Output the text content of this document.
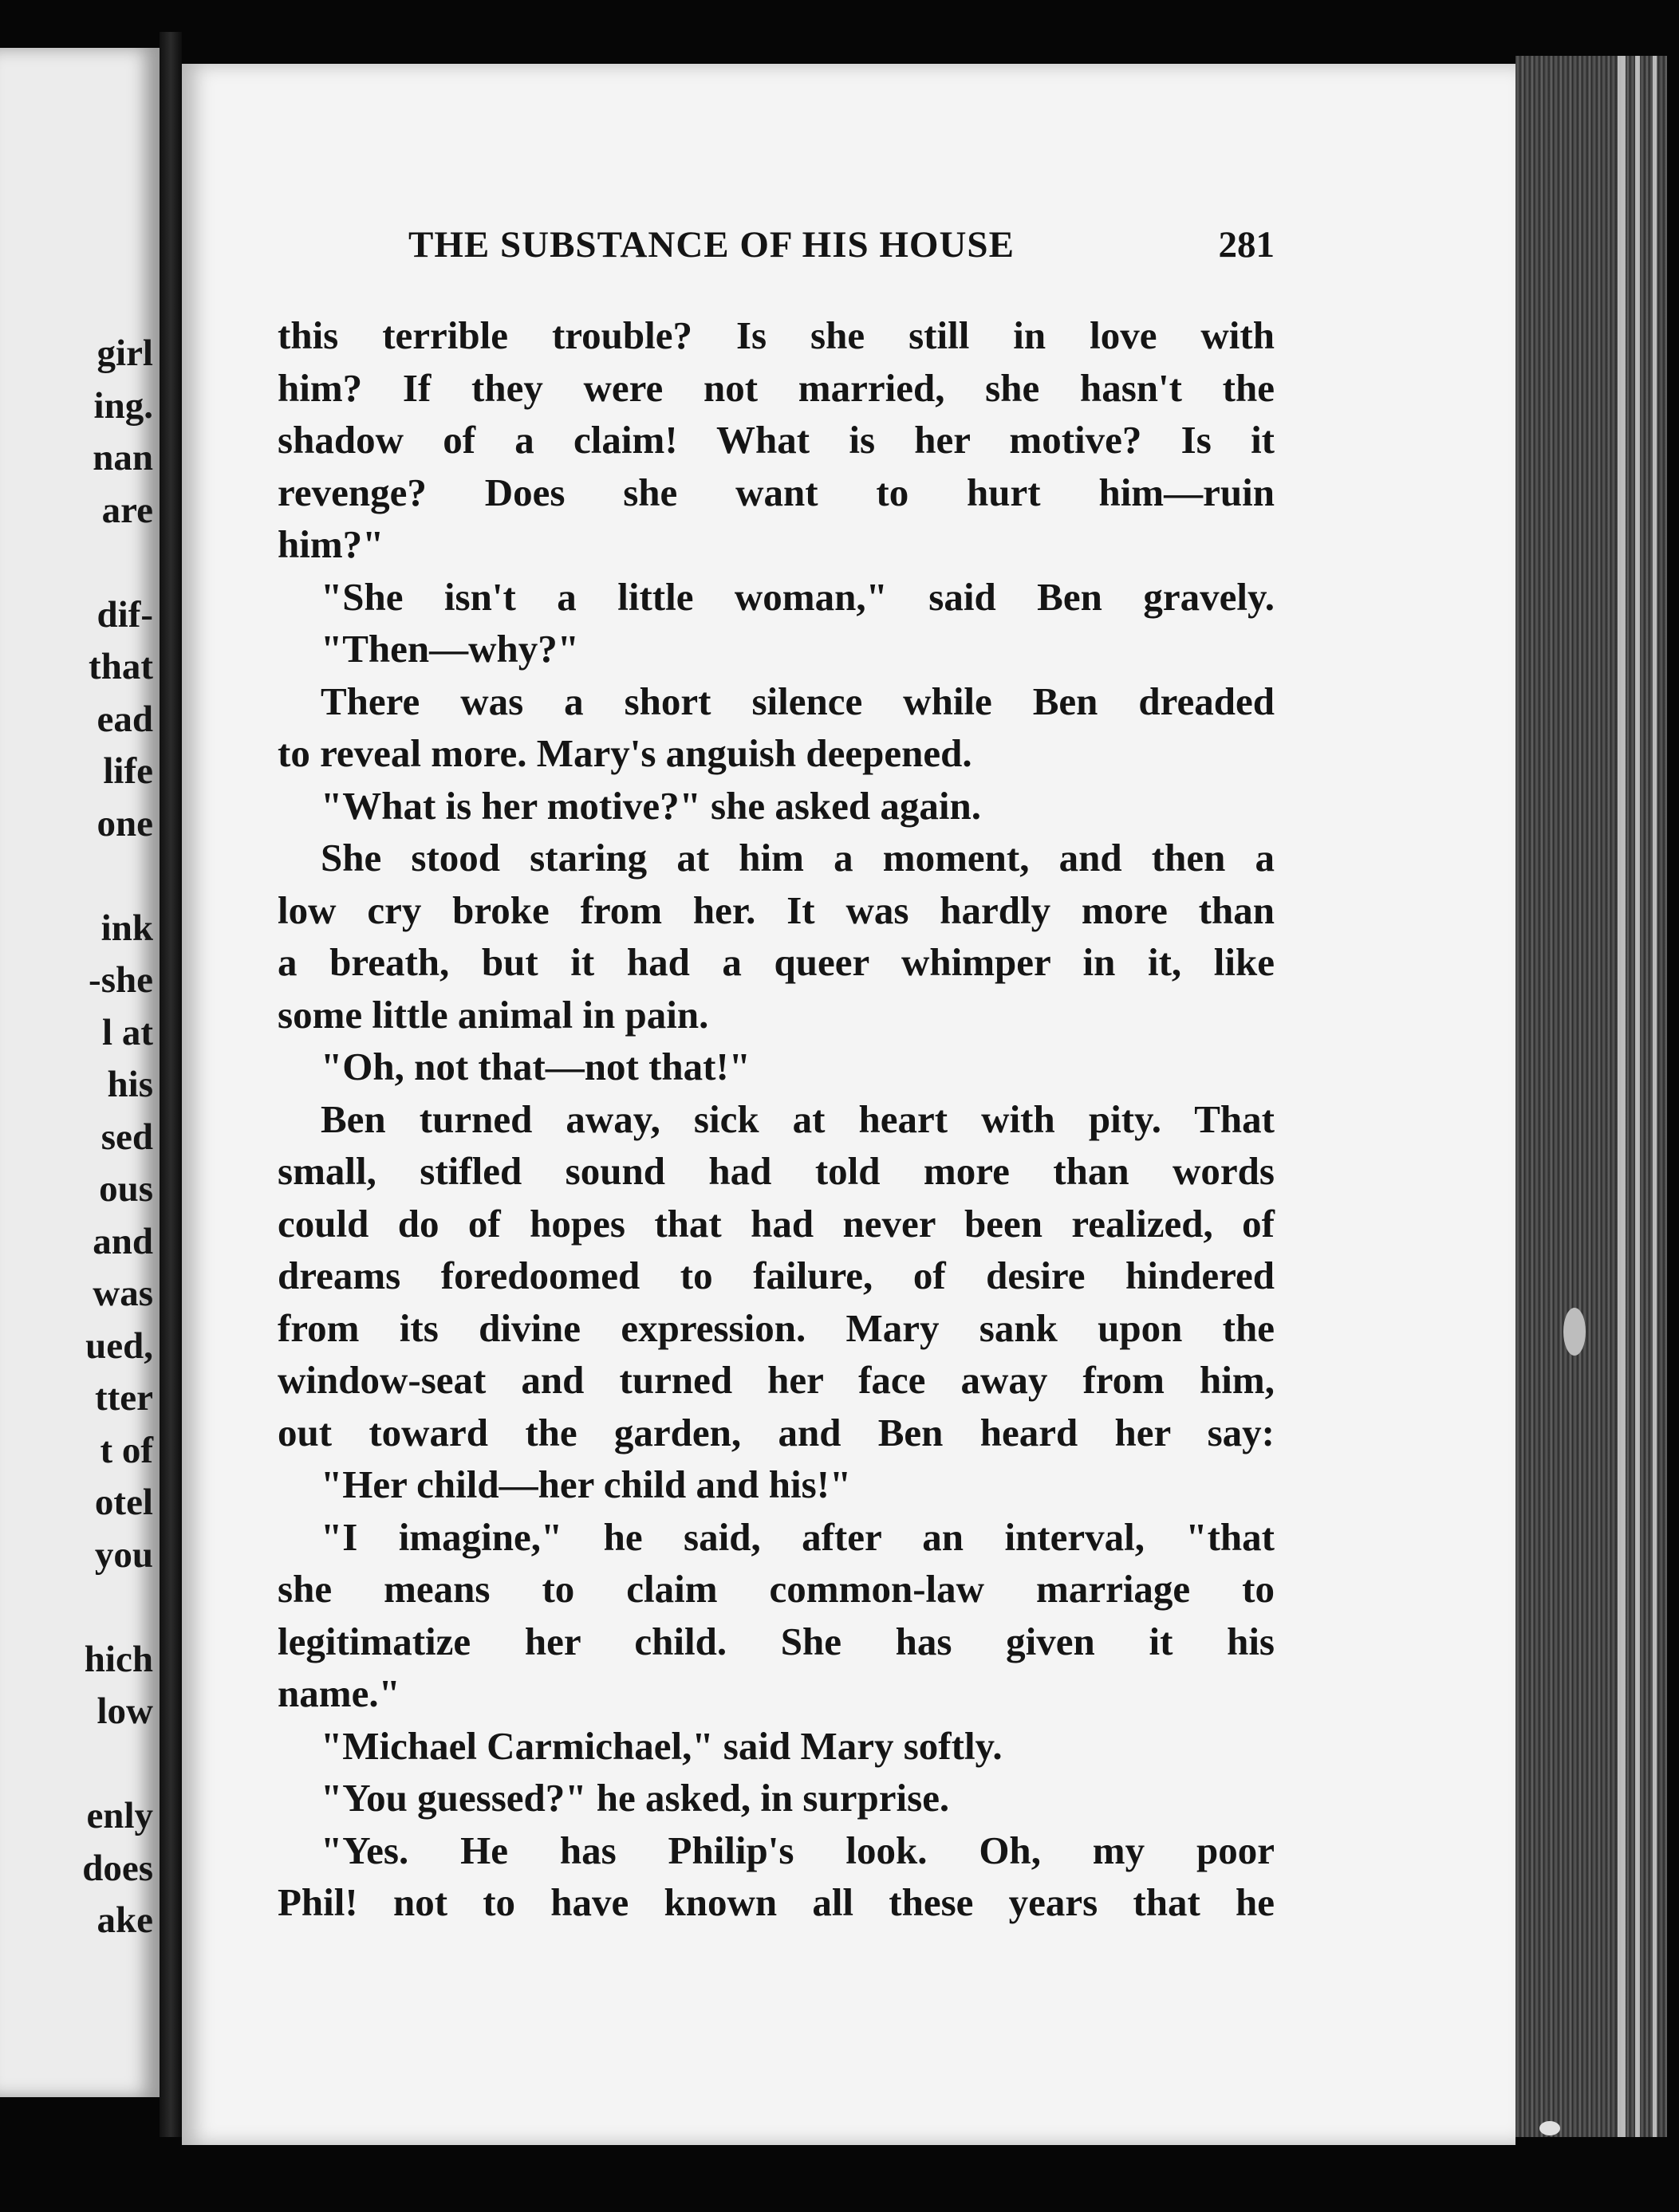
girl
ing.
nan
are
dif-
that
ead
life
one
ink
-she
l at
his
sed
ous
and
was
ued,
tter
t of
otel
you
hich
low
enly
does
ake
THE SUBSTANCE OF HIS HOUSE	281
this terrible trouble? Is she still in love with
him? If they were not married, she hasn't the
shadow of a claim! What is her motive? Is it
revenge? Does she want to hurt him—ruin
him?"
"She isn't a little woman," said Ben gravely.
"Then—why?"
There was a short silence while Ben dreaded
to reveal more. Mary's anguish deepened.
"What is her motive?" she asked again.
She stood staring at him a moment, and then a
low cry broke from her. It was hardly more than
a breath, but it had a queer whimper in it, like
some little animal in pain.
"Oh, not that—not that!"
Ben turned away, sick at heart with pity. That
small, stifled sound had told more than words
could do of hopes that had never been realized, of
dreams foredoomed to failure, of desire hindered
from its divine expression. Mary sank upon the
window-seat and turned her face away from him,
out toward the garden, and Ben heard her say:
"Her child—her child and his!"
"I imagine," he said, after an interval, "that
she means to claim common-law marriage to
legitimatize her child. She has given it his
name."
"Michael Carmichael," said Mary softly.
"You guessed?" he asked, in surprise.
"Yes. He has Philip's look. Oh, my poor
Phil! not to have known all these years that he
